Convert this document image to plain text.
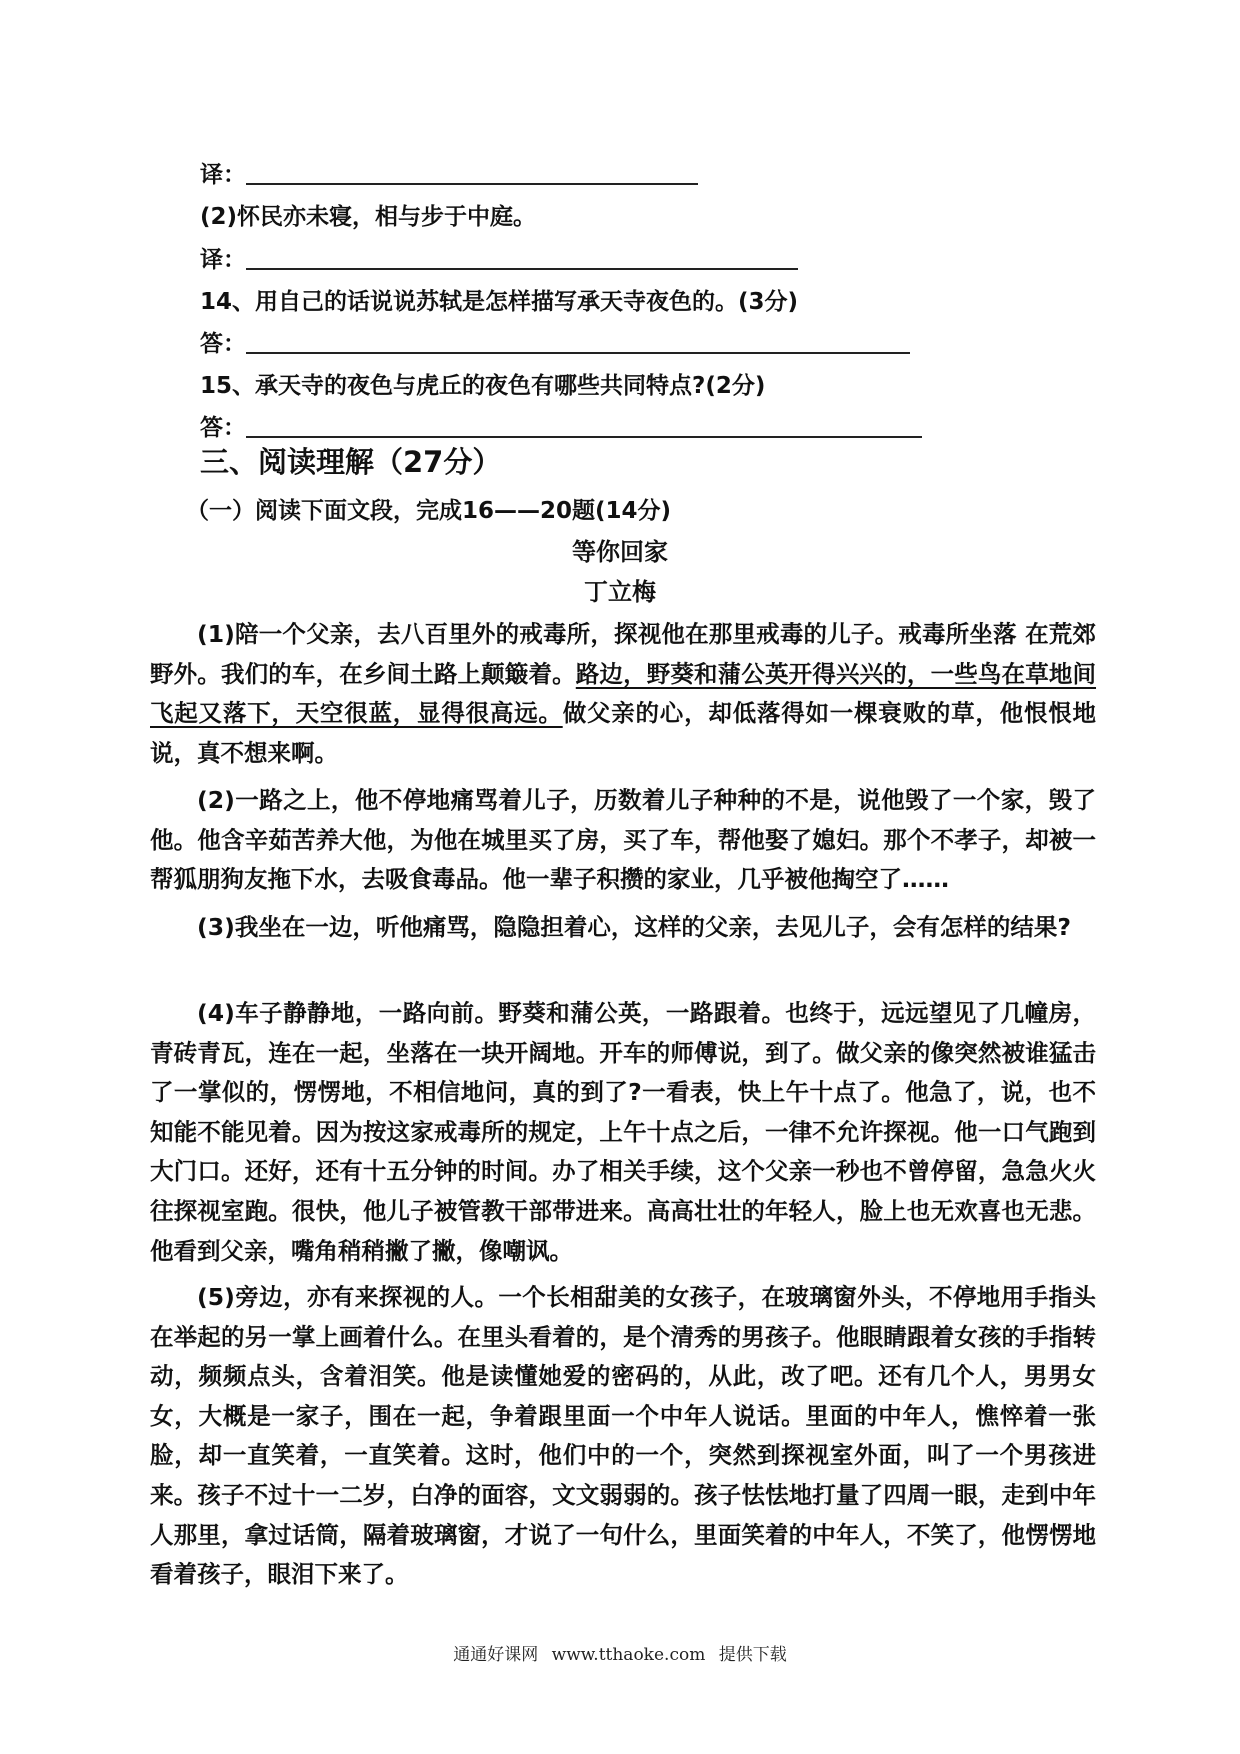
译：
(2)怀民亦未寝，相与步于中庭。
译：
14、用自己的话说说苏轼是怎样描写承天寺夜色的。(3分)
答：
15、承天寺的夜色与虎丘的夜色有哪些共同特点?(2分)
答：
三、阅读理解（27分）
（一）阅读下面文段，完成16——20题(14分)
等你回家
丁立梅

(1)陪一个父亲，去八百里外的戒毒所，探视他在那里戒毒的儿子。戒毒所坐落 在荒郊野外。我们的车，在乡间土路上颠簸着。路边，野葵和蒲公英开得兴兴的，一些鸟在草地间飞起又落下，天空很蓝，显得很高远。做父亲的心，却低落得如一棵衰败的草，他恨恨地说，真不想来啊。

(2)一路之上，他不停地痛骂着儿子，历数着儿子种种的不是，说他毁了一个家，毁了他。他含辛茹苦养大他，为他在城里买了房，买了车，帮他娶了媳妇。那个不孝子，却被一帮狐朋狗友拖下水，去吸食毒品。他一辈子积攒的家业，几乎被他掏空了……

(3)我坐在一边，听他痛骂，隐隐担着心，这样的父亲，去见儿子，会有怎样的结果?

(4)车子静静地，一路向前。野葵和蒲公英，一路跟着。也终于，远远望见了几幢房，青砖青瓦，连在一起，坐落在一块开阔地。开车的师傅说，到了。做父亲的像突然被谁猛击了一掌似的，愣愣地，不相信地问，真的到了?一看表，快上午十点了。他急了，说，也不知能不能见着。因为按这家戒毒所的规定，上午十点之后，一律不允许探视。他一口气跑到大门口。还好，还有十五分钟的时间。办了相关手续，这个父亲一秒也不曾停留，急急火火往探视室跑。很快，他儿子被管教干部带进来。高高壮壮的年轻人，脸上也无欢喜也无悲。他看到父亲，嘴角稍稍撇了撇，像嘲讽。

(5)旁边，亦有来探视的人。一个长相甜美的女孩子，在玻璃窗外头，不停地用手指头在举起的另一掌上画着什么。在里头看着的，是个清秀的男孩子。他眼睛跟着女孩的手指转动，频频点头，含着泪笑。他是读懂她爱的密码的，从此，改了吧。还有几个人，男男女女，大概是一家子，围在一起，争着跟里面一个中年人说话。里面的中年人，憔悴着一张脸，却一直笑着，一直笑着。这时，他们中的一个，突然到探视室外面，叫了一个男孩进来。孩子不过十一二岁，白净的面容，文文弱弱的。孩子怯怯地打量了四周一眼，走到中年人那里，拿过话筒，隔着玻璃窗，才说了一句什么，里面笑着的中年人，不笑了，他愣愣地看着孩子，眼泪下来了。

通通好课网 www.tthaoke.com 提供下载
